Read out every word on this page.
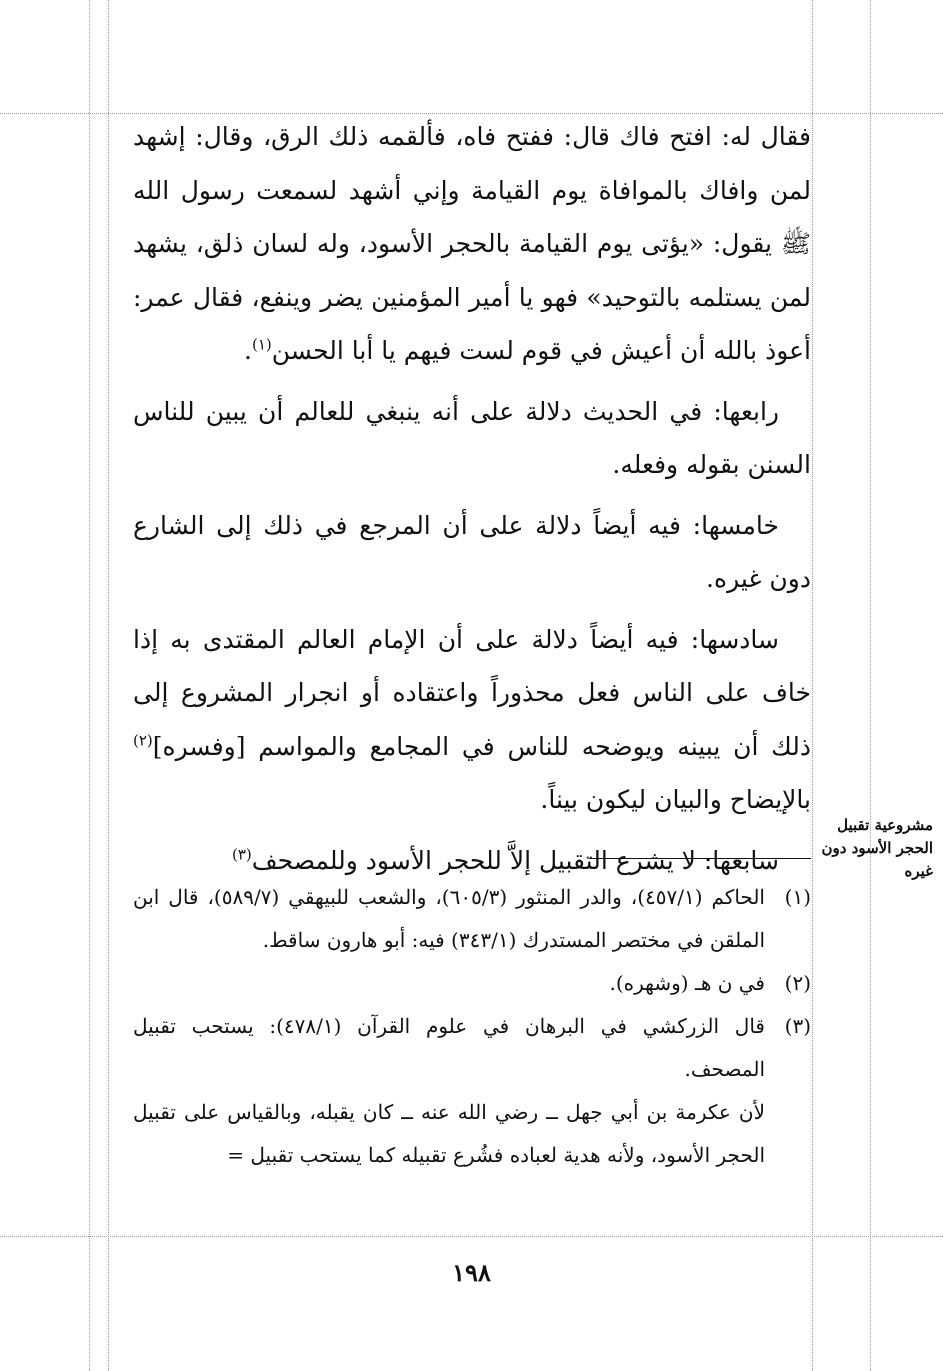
فقال له: افتح فاك قال: ففتح فاه، فألقمه ذلك الرق، وقال: إشهد لمن وافاك بالموافاة يوم القيامة وإني أشهد لسمعت رسول الله ﷺ يقول: «يؤتى يوم القيامة بالحجر الأسود، وله لسان ذلق، يشهد لمن يستلمه بالتوحيد» فهو يا أمير المؤمنين يضر وينفع، فقال عمر: أعوذ بالله أن أعيش في قوم لست فيهم يا أبا الحسن$^{(١)}$.

رابعها: في الحديث دلالة على أنه ينبغي للعالم أن يبين للناس السنن بقوله وفعله.

خامسها: فيه أيضاً دلالة على أن المرجع في ذلك إلى الشارع دون غيره.

سادسها: فيه أيضاً دلالة على أن الإمام العالم المقتدى به إذا خاف على الناس فعل محذوراً واعتقاده أو انجرار المشروع إلى ذلك أن يبينه ويوضحه للناس في المجامع والمواسم [وفسره]$^{(٢)}$ بالإيضاح والبيان ليكون بيناً.

سابعها: لا يشرع التقبيل إلاَّ للحجر الأسود وللمصحف$^{(٣)}$

مشروعية تقبيل الحجر الأسود دون غيره
(١)
الحاكم (٤٥٧/١)، والدر المنثور (٦٠٥/٣)، والشعب للبيهقي (٥٨٩/٧)، قال ابن الملقن في مختصر المستدرك (٣٤٣/١) فيه: أبو هارون ساقط.
(٢)
في ن هـ (وشهره).
(٣)
قال الزركشي في البرهان في علوم القرآن (٤٧٨/١): يستحب تقبيل المصحف.
لأن عكرمة بن أبي جهل ــ رضي الله عنه ــ كان يقبله، وبالقياس على تقبيل الحجر الأسود، ولأنه هدية لعباده فشُرع تقبيله كما يستحب تقبيل =
١٩٨
